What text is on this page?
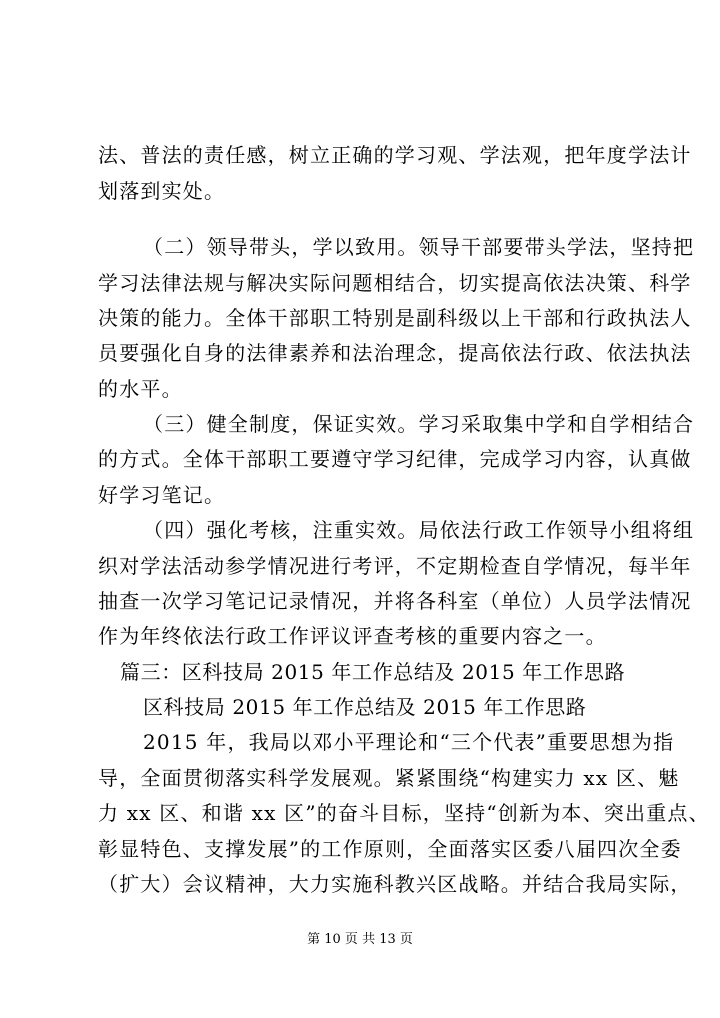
法、普法的责任感，树立正确的学习观、学法观，把年度学法计
划落到实处。
（二）领导带头，学以致用。领导干部要带头学法，坚持把
学习法律法规与解决实际问题相结合，切实提高依法决策、科学
决策的能力。全体干部职工特别是副科级以上干部和行政执法人
员要强化自身的法律素养和法治理念，提高依法行政、依法执法
的水平。
（三）健全制度，保证实效。学习采取集中学和自学相结合
的方式。全体干部职工要遵守学习纪律，完成学习内容，认真做
好学习笔记。
（四）强化考核，注重实效。局依法行政工作领导小组将组
织对学法活动参学情况进行考评，不定期检查自学情况，每半年
抽查一次学习笔记记录情况，并将各科室（单位）人员学法情况
作为年终依法行政工作评议评查考核的重要内容之一。
篇三：区科技局 2015 年工作总结及 2015 年工作思路
区科技局 2015 年工作总结及 2015 年工作思路
2015 年，我局以邓小平理论和“三个代表”重要思想为指
导，全面贯彻落实科学发展观。紧紧围绕“构建实力 xx 区、魅
力 xx 区、和谐 xx 区”的奋斗目标，坚持“创新为本、突出重点、
彰显特色、支撑发展”的工作原则，全面落实区委八届四次全委
（扩大）会议精神，大力实施科教兴区战略。并结合我局实际，
第 10 页 共 13 页
